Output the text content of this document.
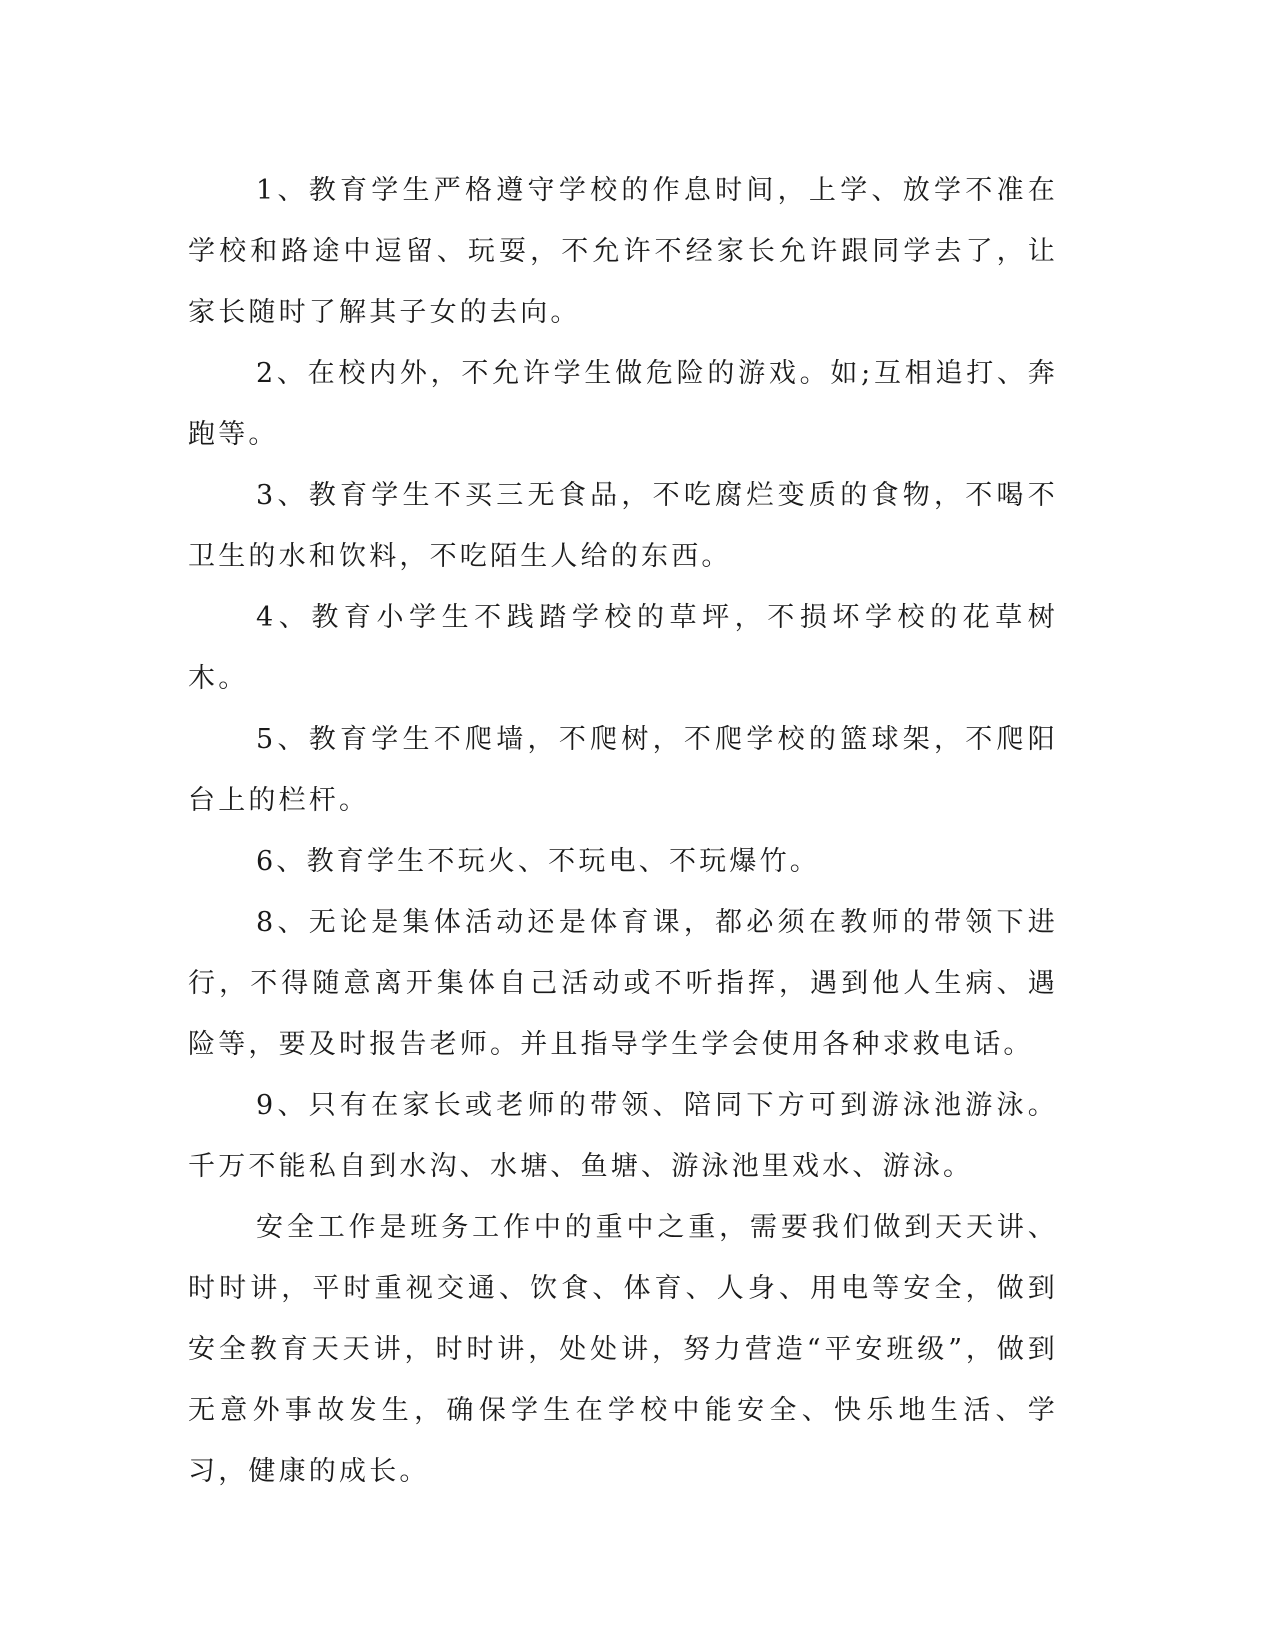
1、教育学生严格遵守学校的作息时间，上学、放学不准在学校和路途中逗留、玩耍，不允许不经家长允许跟同学去了，让家长随时了解其子女的去向。

2、在校内外，不允许学生做危险的游戏。如;互相追打、奔跑等。

3、教育学生不买三无食品，不吃腐烂变质的食物，不喝不卫生的水和饮料，不吃陌生人给的东西。

4、教育小学生不践踏学校的草坪，不损坏学校的花草树木。

5、教育学生不爬墙，不爬树，不爬学校的篮球架，不爬阳台上的栏杆。

6、教育学生不玩火、不玩电、不玩爆竹。

8、无论是集体活动还是体育课，都必须在教师的带领下进行，不得随意离开集体自己活动或不听指挥，遇到他人生病、遇险等，要及时报告老师。并且指导学生学会使用各种求救电话。

9、只有在家长或老师的带领、陪同下方可到游泳池游泳。千万不能私自到水沟、水塘、鱼塘、游泳池里戏水、游泳。

安全工作是班务工作中的重中之重，需要我们做到天天讲、时时讲，平时重视交通、饮食、体育、人身、用电等安全，做到安全教育天天讲，时时讲，处处讲，努力营造“平安班级”，做到无意外事故发生，确保学生在学校中能安全、快乐地生活、学习，健康的成长。
